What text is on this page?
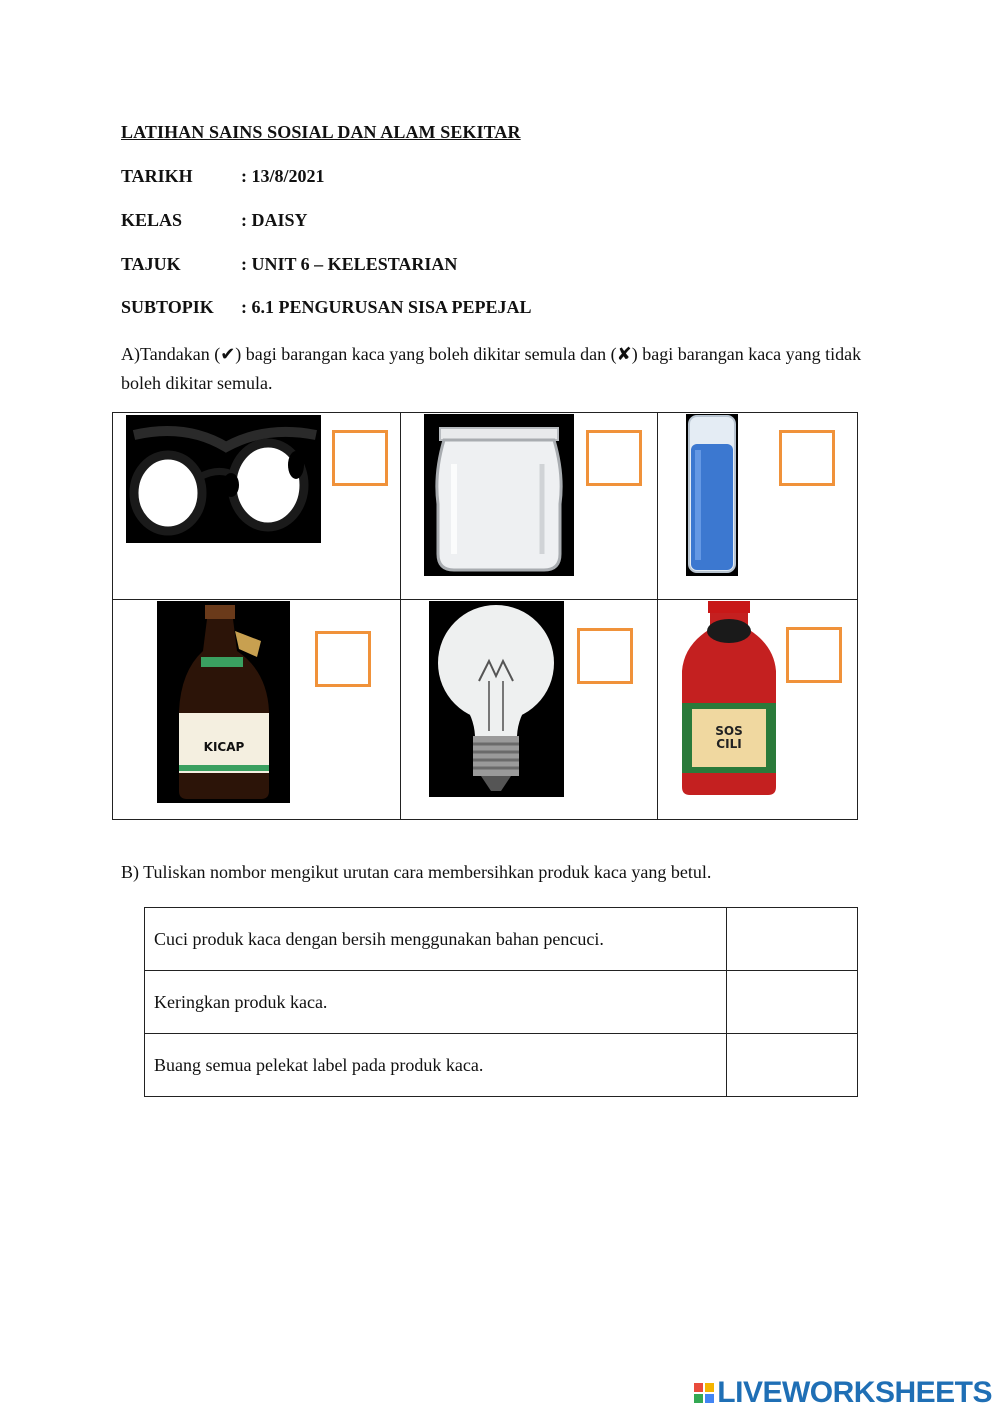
LATIHAN SAINS SOSIAL DAN ALAM SEKITAR
TARIKH	: 13/8/2021
KELAS	: DAISY
TAJUK	: UNIT 6 – KELESTARIAN
SUBTOPIK : 6.1 PENGURUSAN SISA PEPEJAL
A)Tandakan (✔) bagi barangan kaca yang boleh dikitar semula dan (✘) bagi barangan kaca yang tidak boleh dikitar semula.
KICAP
SOS
CILI
B) Tuliskan nombor mengikut urutan cara membersihkan produk kaca yang betul.
Cuci produk kaca dengan bersih menggunakan bahan pencuci.	
Keringkan produk kaca.	
Buang semua pelekat label pada produk kaca.	
LIVEWORKSHEETS
